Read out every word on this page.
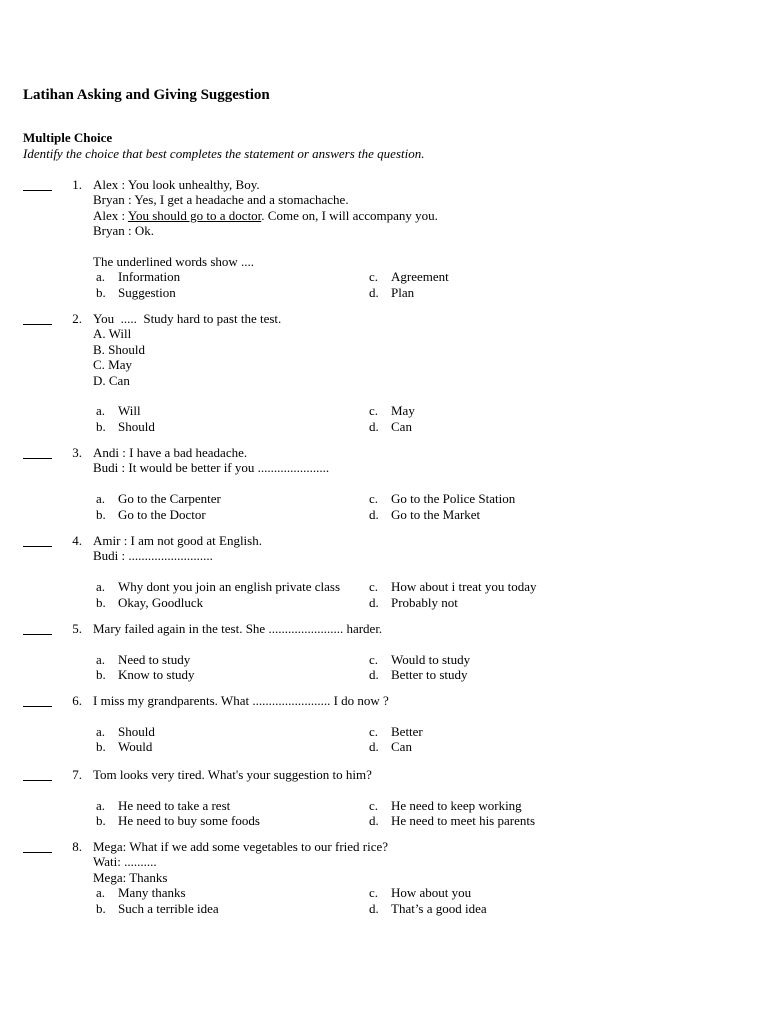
Latihan Asking and Giving Suggestion
Multiple Choice
Identify the choice that best completes the statement or answers the question.
1. Alex : You look unhealthy, Boy.
Bryan : Yes, I get a headache and a stomachache.
Alex : You should go to a doctor. Come on, I will accompany you.
Bryan : Ok.
The underlined words show ....
a. Information
b. Suggestion
c. Agreement
d. Plan
2. You  .....  Study hard to past the test.
A. Will
B. Should
C. May
D. Can
a. Will
b. Should
c. May
d. Can
3. Andi : I have a bad headache.
Budi : It would be better if you ......................
a. Go to the Carpenter
b. Go to the Doctor
c. Go to the Police Station
d. Go to the Market
4. Amir : I am not good at English.
Budi : ..........................
a. Why dont you join an english private class
b. Okay, Goodluck
c. How about i treat you today
d. Probably not
5. Mary failed again in the test. She ....................... harder.
a. Need to study
b. Know to study
c. Would to study
d. Better to study
6. I miss my grandparents. What ........................ I do now ?
a. Should
b. Would
c. Better
d. Can
7. Tom looks very tired. What's your suggestion to him?
a. He need to take a rest
b. He need to buy some foods
c. He need to keep working
d. He need to meet his parents
8. Mega: What if we add some vegetables to our fried rice?
Wati: ..........
Mega: Thanks
a. Many thanks
b. Such a terrible idea
c. How about you
d. That’s a good idea
